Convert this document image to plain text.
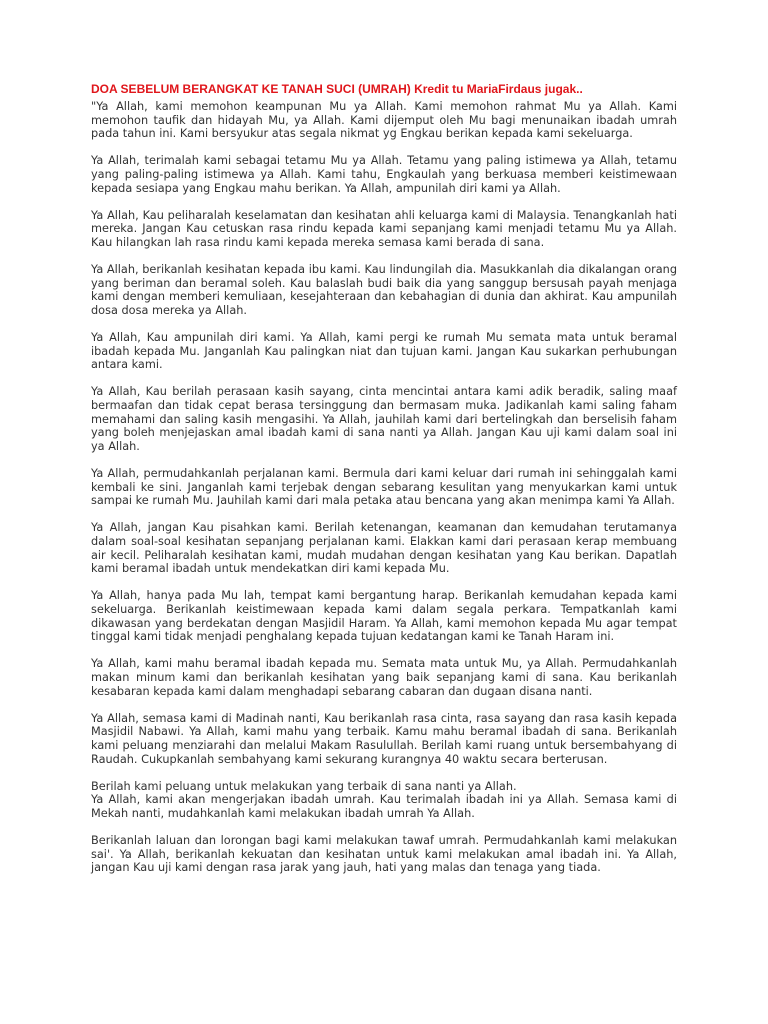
DOA SEBELUM BERANGKAT KE TANAH SUCI (UMRAH) Kredit tu MariaFirdaus jugak..

"Ya Allah, kami memohon keampunan Mu ya Allah. Kami memohon rahmat Mu ya Allah. Kami memohon taufik dan hidayah Mu, ya Allah. Kami dijemput oleh Mu bagi menunaikan ibadah umrah pada tahun ini. Kami bersyukur atas segala nikmat yg Engkau berikan kepada kami sekeluarga.

Ya Allah, terimalah kami sebagai tetamu Mu ya Allah. Tetamu yang paling istimewa ya Allah, tetamu yang paling-paling istimewa ya Allah. Kami tahu, Engkaulah yang berkuasa memberi keistimewaan kepada sesiapa yang Engkau mahu berikan. Ya Allah, ampunilah diri kami ya Allah.

Ya Allah, Kau peliharalah keselamatan dan kesihatan ahli keluarga kami di Malaysia. Tenangkanlah hati mereka. Jangan Kau cetuskan rasa rindu kepada kami sepanjang kami menjadi tetamu Mu ya Allah. Kau hilangkan lah rasa rindu kami kepada mereka semasa kami berada di sana.

Ya Allah, berikanlah kesihatan kepada ibu kami. Kau lindungilah dia. Masukkanlah dia dikalangan orang yang beriman dan beramal soleh. Kau balaslah budi baik dia yang sanggup bersusah payah menjaga kami dengan memberi kemuliaan, kesejahteraan dan kebahagian di dunia dan akhirat. Kau ampunilah dosa dosa mereka ya Allah.

Ya Allah, Kau ampunilah diri kami. Ya Allah, kami pergi ke rumah Mu semata mata untuk beramal ibadah kepada Mu. Janganlah Kau palingkan niat dan tujuan kami. Jangan Kau sukarkan perhubungan antara kami.

Ya Allah, Kau berilah perasaan kasih sayang, cinta mencintai antara kami adik beradik, saling maaf bermaafan dan tidak cepat berasa tersinggung dan bermasam muka. Jadikanlah kami saling faham memahami dan saling kasih mengasihi. Ya Allah, jauhilah kami dari bertelingkah dan berselisih faham yang boleh menjejaskan amal ibadah kami di sana nanti ya Allah. Jangan Kau uji kami dalam soal ini ya Allah.

Ya Allah, permudahkanlah perjalanan kami. Bermula dari kami keluar dari rumah ini sehinggalah kami kembali ke sini. Janganlah kami terjebak dengan sebarang kesulitan yang menyukarkan kami untuk sampai ke rumah Mu. Jauhilah kami dari mala petaka atau bencana yang akan menimpa kami Ya Allah.

Ya Allah, jangan Kau pisahkan kami. Berilah ketenangan, keamanan dan kemudahan terutamanya dalam soal-soal kesihatan sepanjang perjalanan kami. Elakkan kami dari perasaan kerap membuang air kecil. Peliharalah kesihatan kami, mudah mudahan dengan kesihatan yang Kau berikan. Dapatlah kami beramal ibadah untuk mendekatkan diri kami kepada Mu.

Ya Allah, hanya pada Mu lah, tempat kami bergantung harap. Berikanlah kemudahan kepada kami sekeluarga. Berikanlah keistimewaan kepada kami dalam segala perkara. Tempatkanlah kami dikawasan yang berdekatan dengan Masjidil Haram. Ya Allah, kami memohon kepada Mu agar tempat tinggal kami tidak menjadi penghalang kepada tujuan kedatangan kami ke Tanah Haram ini.

Ya Allah, kami mahu beramal ibadah kepada mu. Semata mata untuk Mu, ya Allah. Permudahkanlah makan minum kami dan berikanlah kesihatan yang baik sepanjang kami di sana. Kau berikanlah kesabaran kepada kami dalam menghadapi sebarang cabaran dan dugaan disana nanti.

Ya Allah, semasa kami di Madinah nanti, Kau berikanlah rasa cinta, rasa sayang dan rasa kasih kepada Masjidil Nabawi. Ya Allah, kami mahu yang terbaik. Kamu mahu beramal ibadah di sana. Berikanlah kami peluang menziarahi dan melalui Makam Rasulullah. Berilah kami ruang untuk bersembahyang di Raudah. Cukupkanlah sembahyang kami sekurang kurangnya 40 waktu secara berterusan.

Berilah kami peluang untuk melakukan yang terbaik di sana nanti ya Allah.

Ya Allah, kami akan mengerjakan ibadah umrah. Kau terimalah ibadah ini ya Allah. Semasa kami di Mekah nanti, mudahkanlah kami melakukan ibadah umrah Ya Allah.

Berikanlah laluan dan lorongan bagi kami melakukan tawaf umrah. Permudahkanlah kami melakukan sai'. Ya Allah, berikanlah kekuatan dan kesihatan untuk kami melakukan amal ibadah ini. Ya Allah, jangan Kau uji kami dengan rasa jarak yang jauh, hati yang malas dan tenaga yang tiada.
